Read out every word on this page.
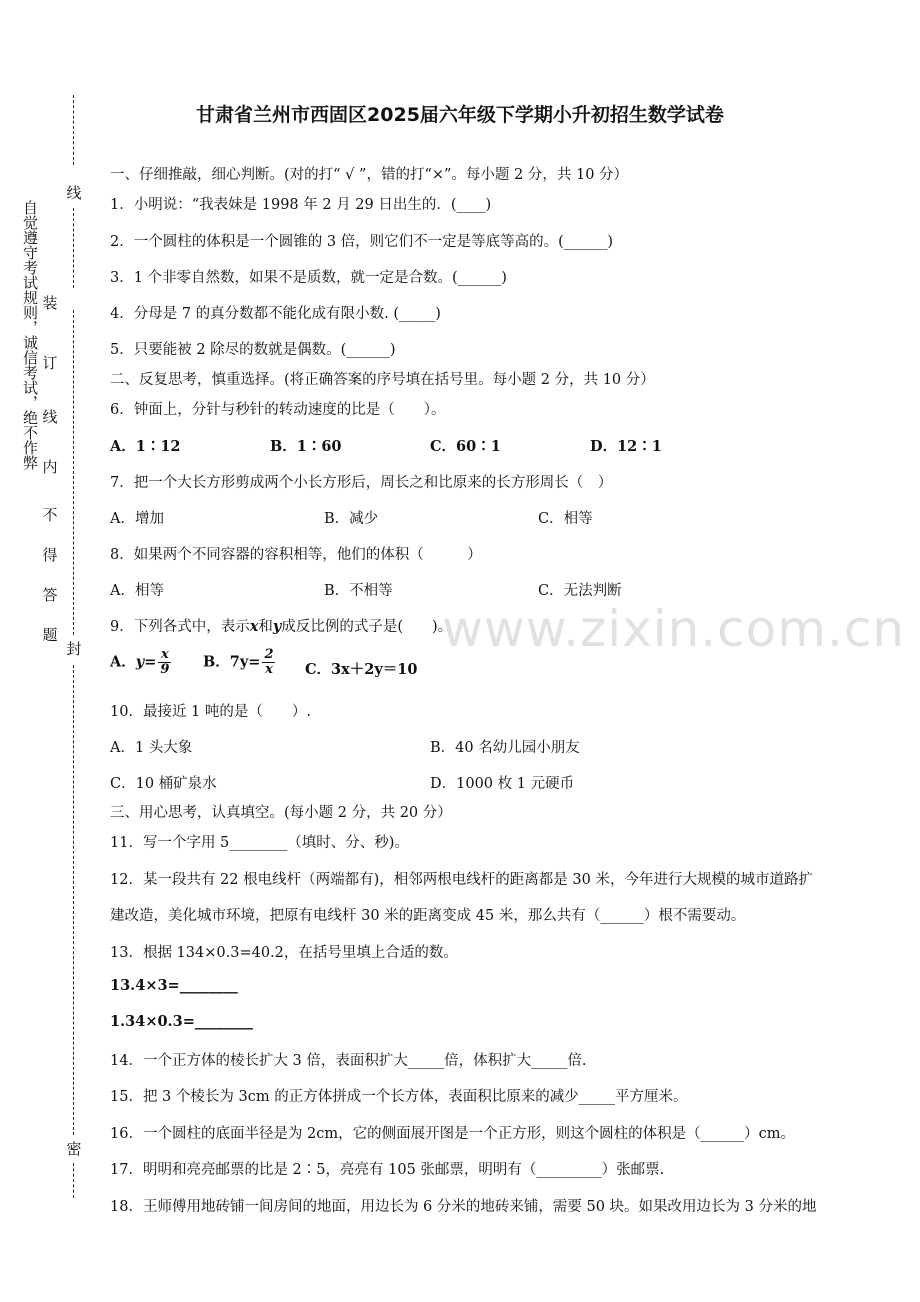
线
装
订
线
内
不
得
答
题
封
密
自觉遵守考试规则，诚信考试，绝不作弊
www.zixin.com.cn
甘肃省兰州市西固区2025届六年级下学期小升初招生数学试卷
一、仔细推敲，细心判断。(对的打“ √ ”，错的打“×”。每小题 2 分，共 10 分）
1．小明说：“我表妹是 1998 年 2 月 29 日出生的．(____)
2．一个圆柱的体积是一个圆锥的 3 倍，则它们不一定是等底等高的。(______)
3．1 个非零自然数，如果不是质数，就一定是合数。(______)
4．分母是 7 的真分数都不能化成有限小数. (_____)
5．只要能被 2 除尽的数就是偶数。(______)
二、反复思考，慎重选择。(将正确答案的序号填在括号里。每小题 2 分，共 10 分）
6．钟面上，分针与秒针的转动速度的比是（　　）。
A．1∶12	B．1∶60	C．60∶1	D．12∶1
7．把一个大长方形剪成两个小长方形后，周长之和比原来的长方形周长（　）
A．增加	B．减少	C．相等
8．如果两个不同容器的容积相等，他们的体积（　　　）
A．相等	B．不相等	C．无法判断
9．下列各式中，表示x和y成反比例的式子是(　　)。
A．$y= \frac{x}{9}$ B．$7y= \frac{2}{x}$ C．3x＋2y＝10
10．最接近 1 吨的是（　　）.
A．1 头大象	B．40 名幼儿园小朋友
C．10 桶矿泉水	D．1000 枚 1 元硬币
三、用心思考，认真填空。(每小题 2 分，共 20 分）
11．写一个字用 5________（填时、分、秒)。
12．某一段共有 22 根电线杆（两端都有)，相邻两根电线杆的距离都是 30 米，今年进行大规模的城市道路扩
建改造，美化城市环境，把原有电线杆 30 米的距离变成 45 米，那么共有（______）根不需要动。
13．根据 134×0.3=40.2，在括号里填上合适的数。
13.4×3=________
1.34×0.3=________
14．一个正方体的棱长扩大 3 倍，表面积扩大_____倍，体积扩大_____倍.
15．把 3 个棱长为 3cm 的正方体拼成一个长方体，表面积比原来的减少_____平方厘米。
16．一个圆柱的底面半径是为 2cm，它的侧面展开图是一个正方形，则这个圆柱的体积是（______）cm。
17．明明和亮亮邮票的比是 2∶5，亮亮有 105 张邮票，明明有（_________）张邮票.
18．王师傅用地砖铺一间房间的地面，用边长为 6 分米的地砖来铺，需要 50 块。如果改用边长为 3 分米的地
